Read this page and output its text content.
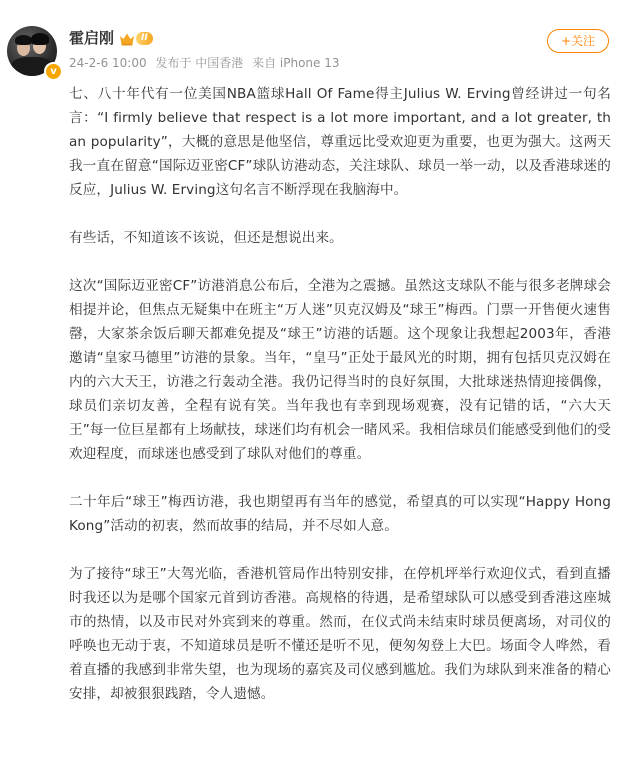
v
霍启刚	II
24-2-6 10:00 发布于 中国香港 来自 iPhone 13
+关注

七、八十年代有一位美国NBA篮球Hall Of Fame得主Julius W. Erving曾经讲过一句名言：“I firmly believe that respect is a lot more important, and a lot greater, than popularity”，大概的意思是他坚信，尊重远比受欢迎更为重要，也更为强大。这两天我一直在留意“国际迈亚密CF”球队访港动态，关注球队、球员一举一动，以及香港球迷的反应，Julius W. Erving这句名言不断浮现在我脑海中。

有些话，不知道该不该说，但还是想说出来。

这次“国际迈亚密CF”访港消息公布后，全港为之震撼。虽然这支球队不能与很多老牌球会相提并论，但焦点无疑集中在班主“万人迷”贝克汉姆及“球王”梅西。门票一开售便火速售罄，大家茶余饭后聊天都难免提及“球王”访港的话题。这个现象让我想起2003年，香港邀请“皇家马德里”访港的景象。当年，“皇马”正处于最风光的时期，拥有包括贝克汉姆在内的六大天王，访港之行轰动全港。我仍记得当时的良好氛围，大批球迷热情迎接偶像，球员们亲切友善，全程有说有笑。当年我也有幸到现场观赛，没有记错的话，“六大天王”每一位巨星都有上场献技，球迷们均有机会一睹风采。我相信球员们能感受到他们的受欢迎程度，而球迷也感受到了球队对他们的尊重。

二十年后“球王”梅西访港，我也期望再有当年的感觉，希望真的可以实现“Happy Hong Kong”活动的初衷，然而故事的结局，并不尽如人意。

为了接待“球王”大驾光临，香港机管局作出特别安排，在停机坪举行欢迎仪式，看到直播时我还以为是哪个国家元首到访香港。高规格的待遇，是希望球队可以感受到香港这座城市的热情，以及市民对外宾到来的尊重。然而，在仪式尚未结束时球员便离场，对司仪的呼唤也无动于衷，不知道球员是听不懂还是听不见，便匆匆登上大巴。场面令人哗然，看着直播的我感到非常失望，也为现场的嘉宾及司仪感到尴尬。我们为球队到来准备的精心安排，却被狠狠践踏，令人遗憾。
